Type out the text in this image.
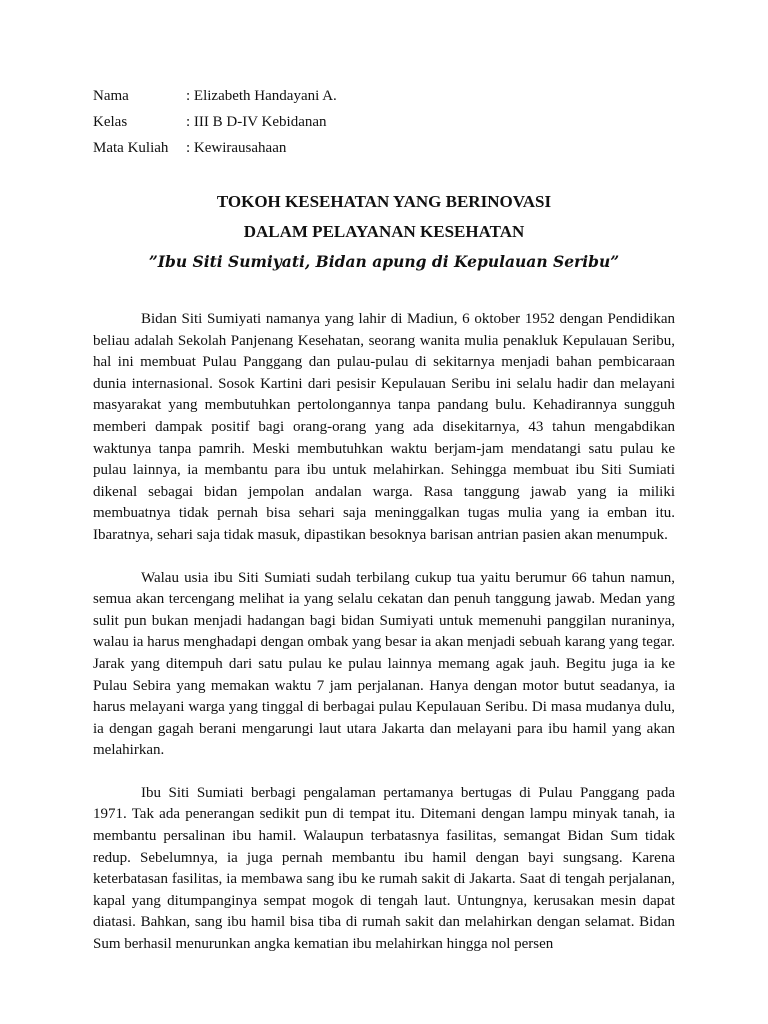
Nama	: Elizabeth Handayani A.
Kelas	: III B D-IV Kebidanan
Mata Kuliah	: Kewirausahaan
TOKOH KESEHATAN YANG BERINOVASI
DALAM PELAYANAN KESEHATAN
”Ibu Siti Sumiyati, Bidan apung di Kepulauan Seribu”

Bidan Siti Sumiyati namanya yang lahir di Madiun, 6 oktober 1952 dengan Pendidikan beliau adalah Sekolah Panjenang Kesehatan, seorang wanita mulia penakluk Kepulauan Seribu, hal ini membuat Pulau Panggang dan pulau-pulau di sekitarnya menjadi bahan pembicaraan dunia internasional. Sosok Kartini dari pesisir Kepulauan Seribu ini selalu hadir dan melayani masyarakat yang membutuhkan pertolongannya tanpa pandang bulu. Kehadirannya sungguh memberi dampak positif bagi orang-orang yang ada disekitarnya, 43 tahun mengabdikan waktunya tanpa pamrih. Meski membutuhkan waktu berjam-jam mendatangi satu pulau ke pulau lainnya, ia membantu para ibu untuk melahirkan. Sehingga membuat ibu Siti Sumiati dikenal sebagai bidan jempolan andalan warga. Rasa tanggung jawab yang ia miliki membuatnya tidak pernah bisa sehari saja meninggalkan tugas mulia yang ia emban itu. Ibaratnya, sehari saja tidak masuk, dipastikan besoknya barisan antrian pasien akan menumpuk.

Walau usia ibu Siti Sumiati sudah terbilang cukup tua yaitu berumur 66 tahun namun, semua akan tercengang melihat ia yang selalu cekatan dan penuh tanggung jawab. Medan yang sulit pun bukan menjadi hadangan bagi bidan Sumiyati untuk memenuhi panggilan nuraninya, walau ia harus menghadapi dengan ombak yang besar ia akan menjadi sebuah karang yang tegar. Jarak yang ditempuh dari satu pulau ke pulau lainnya memang agak jauh. Begitu juga ia ke Pulau Sebira yang memakan waktu 7 jam perjalanan. Hanya dengan motor butut seadanya, ia harus melayani warga yang tinggal di berbagai pulau Kepulauan Seribu. Di masa mudanya dulu, ia dengan gagah berani mengarungi laut utara Jakarta dan melayani para ibu hamil yang akan melahirkan.

Ibu Siti Sumiati berbagi pengalaman pertamanya bertugas di Pulau Panggang pada 1971. Tak ada penerangan sedikit pun di tempat itu. Ditemani dengan lampu minyak tanah, ia membantu persalinan ibu hamil. Walaupun terbatasnya fasilitas, semangat Bidan Sum tidak redup. Sebelumnya, ia juga pernah membantu ibu hamil dengan bayi sungsang. Karena keterbatasan fasilitas, ia membawa sang ibu ke rumah sakit di Jakarta. Saat di tengah perjalanan, kapal yang ditumpanginya sempat mogok di tengah laut. Untungnya, kerusakan mesin dapat diatasi. Bahkan, sang ibu hamil bisa tiba di rumah sakit dan melahirkan dengan selamat. Bidan Sum berhasil menurunkan angka kematian ibu melahirkan hingga nol persen
